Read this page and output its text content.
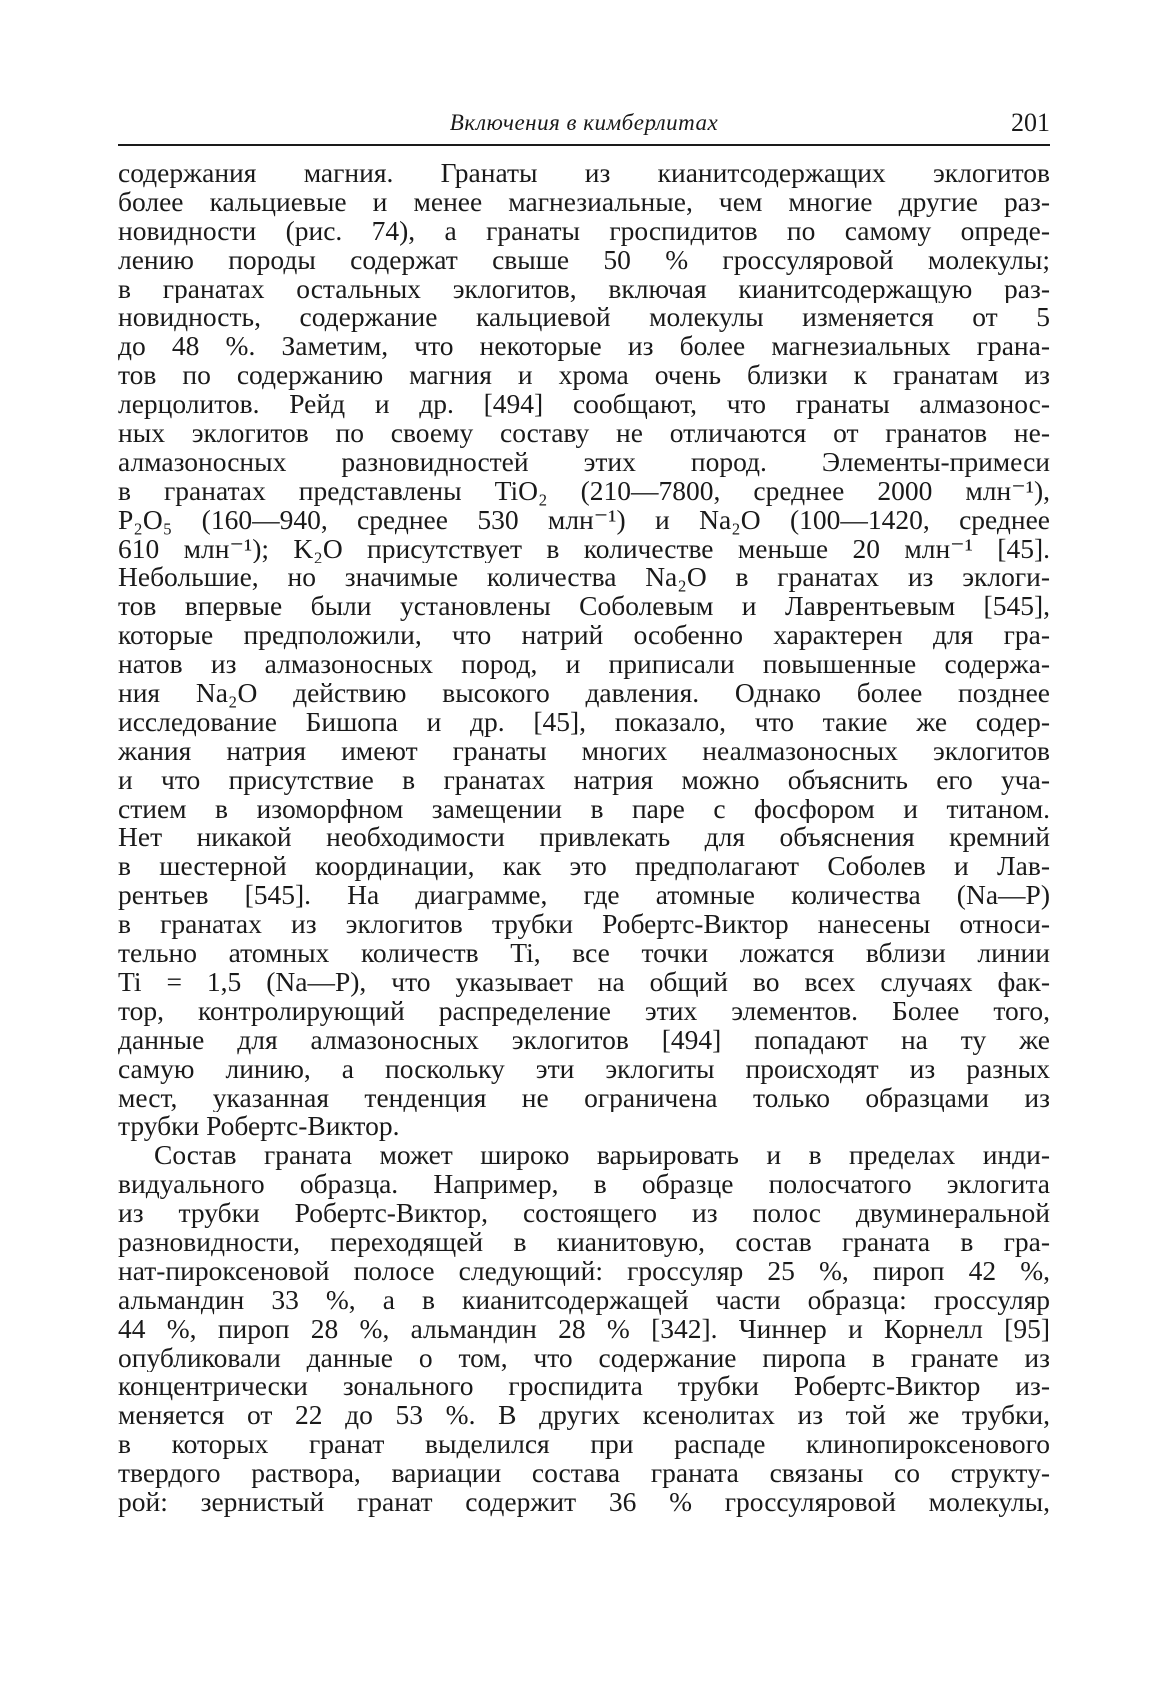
Включения в кимберлитах	201

содержания магния. Гранаты из кианитсодержащих эклогитов
более кальциевые и менее магнезиальные, чем многие другие раз-
новидности (рис. 74), а гранаты гроспидитов по самому опреде-
лению породы содержат свыше 50 % гроссуляровой молекулы;
в гранатах остальных эклогитов, включая кианитсодержащую раз-
новидность, содержание кальциевой молекулы изменяется от 5
до 48 %. Заметим, что некоторые из более магнезиальных грана-
тов по содержанию магния и хрома очень близки к гранатам из
лерцолитов. Рейд и др. [494] сообщают, что гранаты алмазонос-
ных эклогитов по своему составу не отличаются от гранатов не-
алмазоносных разновидностей этих пород. Элементы-примеси
в гранатах представлены TiO₂ (210—7800, среднее 2000 млн⁻¹),
P₂O₅ (160—940, среднее 530 млн⁻¹) и Na₂O (100—1420, среднее
610 млн⁻¹); K₂O присутствует в количестве меньше 20 млн⁻¹ [45].
Небольшие, но значимые количества Na₂O в гранатах из эклоги-
тов впервые были установлены Соболевым и Лаврентьевым [545],
которые предположили, что натрий особенно характерен для гра-
натов из алмазоносных пород, и приписали повышенные содержа-
ния Na₂O действию высокого давления. Однако более позднее
исследование Бишопа и др. [45], показало, что такие же содер-
жания натрия имеют гранаты многих неалмазоносных эклогитов
и что присутствие в гранатах натрия можно объяснить его уча-
стием в изоморфном замещении в паре с фосфором и титаном.
Нет никакой необходимости привлекать для объяснения кремний
в шестерной координации, как это предполагают Соболев и Лав-
рентьев [545]. На диаграмме, где атомные количества (Na—P)
в гранатах из эклогитов трубки Робертс-Виктор нанесены относи-
тельно атомных количеств Ti, все точки ложатся вблизи линии
Ti = 1,5 (Na—P), что указывает на общий во всех случаях фак-
тор, контролирующий распределение этих элементов. Более того,
данные для алмазоносных эклогитов [494] попадают на ту же
самую линию, а поскольку эти эклогиты происходят из разных
мест, указанная тенденция не ограничена только образцами из
трубки Робертс-Виктор.

Состав граната может широко варьировать и в пределах инди-
видуального образца. Например, в образце полосчатого эклогита
из трубки Робертс-Виктор, состоящего из полос двуминеральной
разновидности, переходящей в кианитовую, состав граната в гра-
нат-пироксеновой полосе следующий: гроссуляр 25 %, пироп 42 %,
альмандин 33 %, а в кианитсодержащей части образца: гроссуляр
44 %, пироп 28 %, альмандин 28 % [342]. Чиннер и Корнелл [95]
опубликовали данные о том, что содержание пиропа в гранате из
концентрически зонального гроспидита трубки Робертс-Виктор из-
меняется от 22 до 53 %. В других ксенолитах из той же трубки,
в которых гранат выделился при распаде клинопироксенового
твердого раствора, вариации состава граната связаны со структу-
рой: зернистый гранат содержит 36 % гроссуляровой молекулы,
